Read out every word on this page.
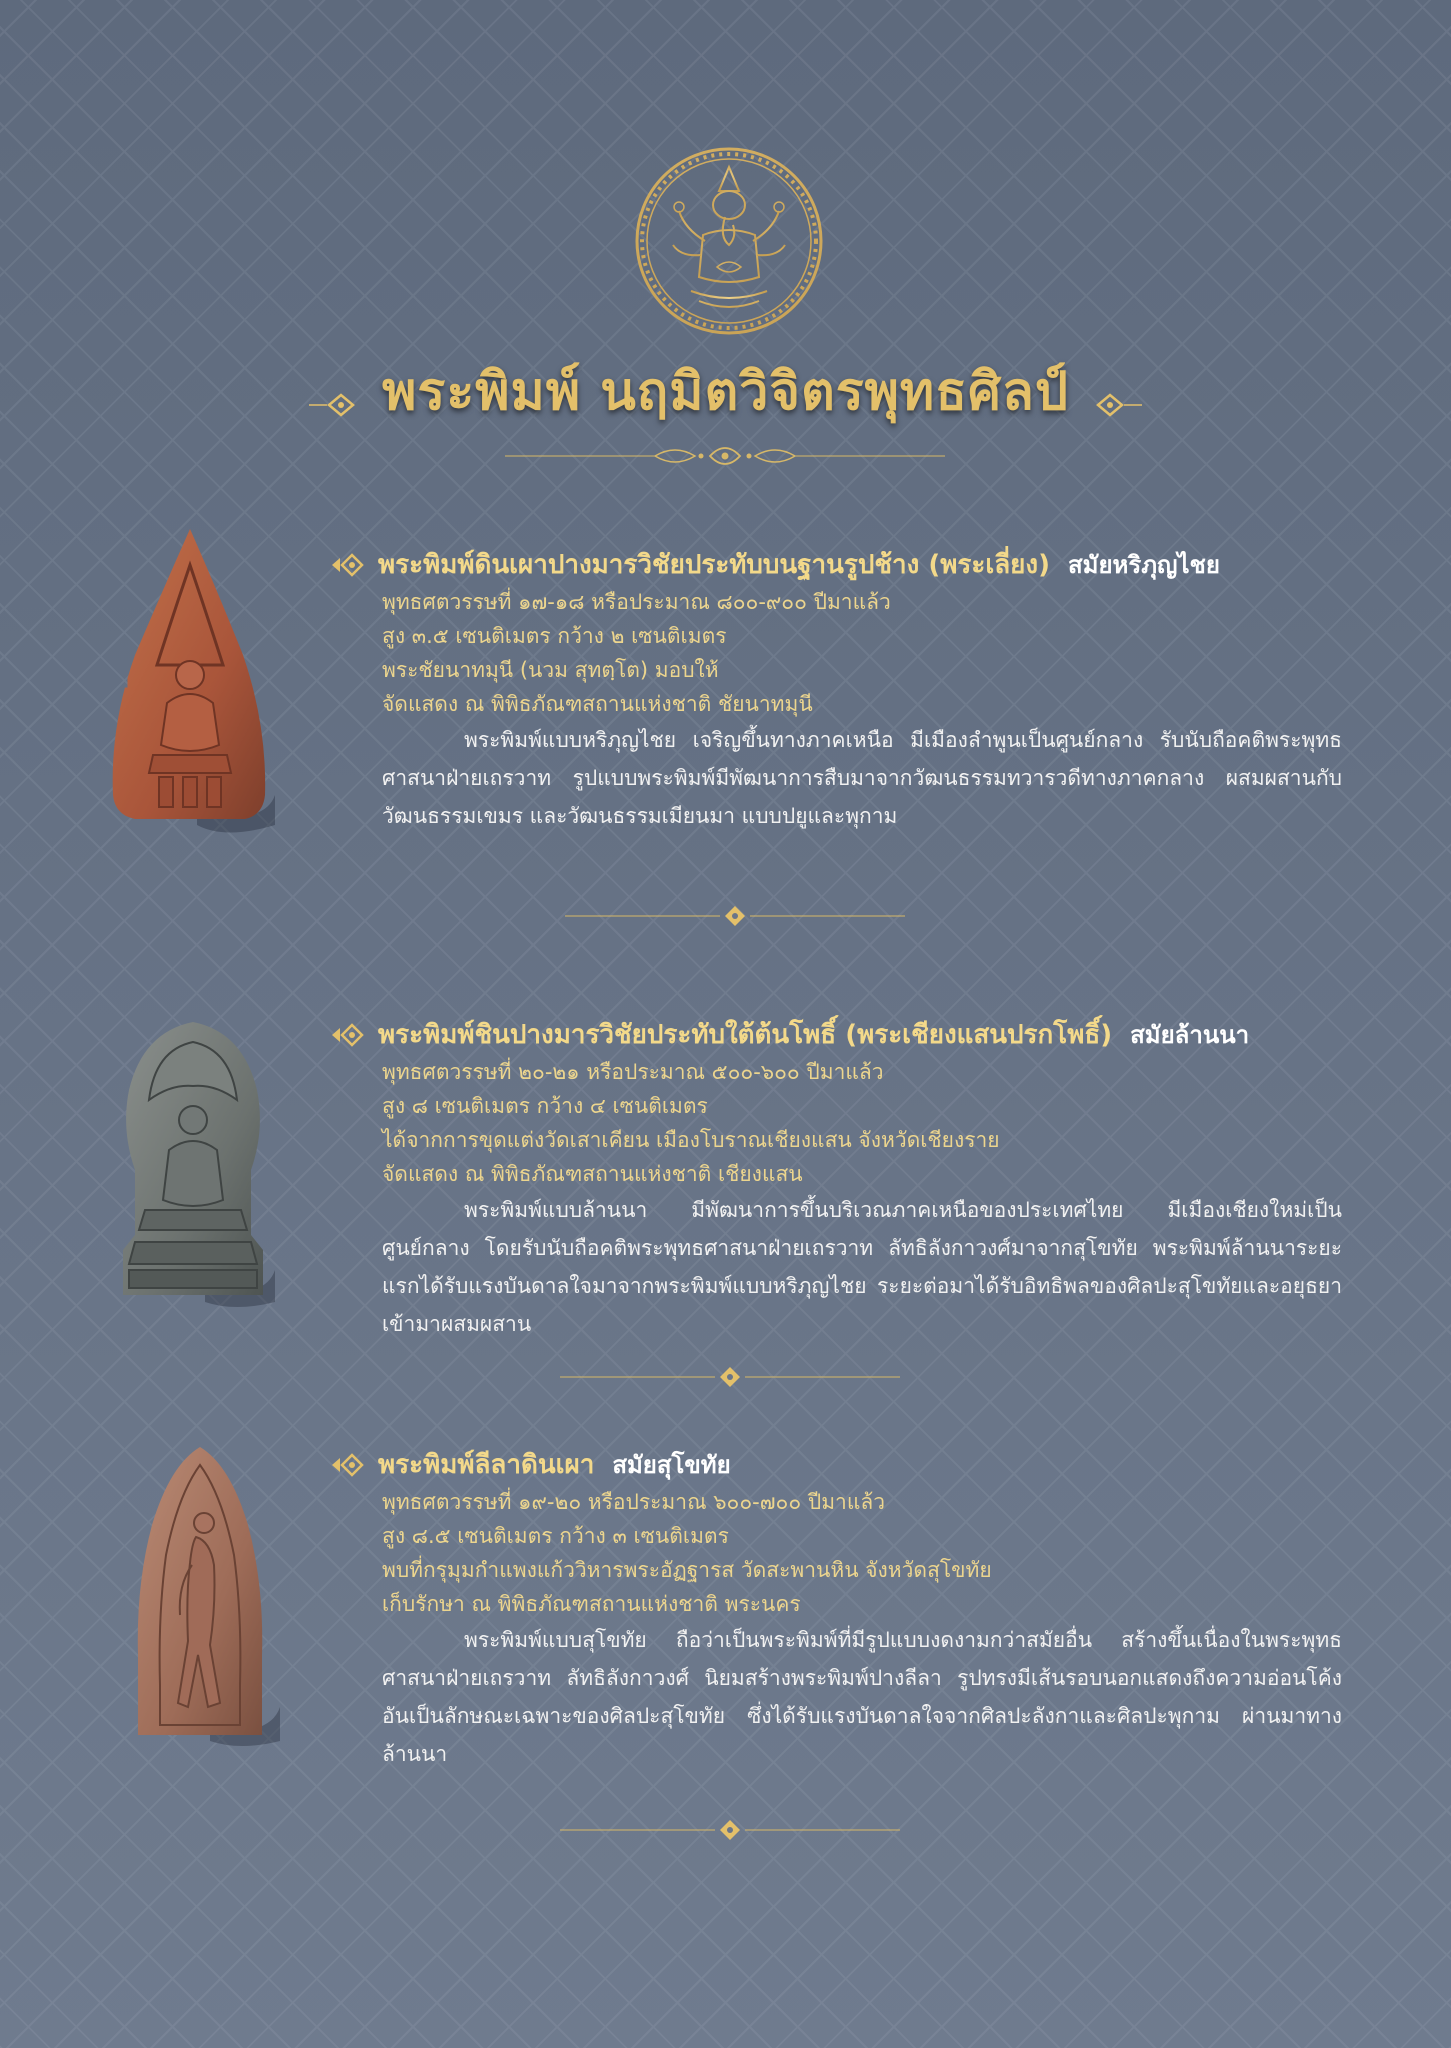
พระพิมพ์ นฤมิตวิจิตรพุทธศิลป์
พระพิมพ์ดินเผาปางมารวิชัยประทับบนฐานรูปช้าง (พระเลี่ยง) สมัยหริภุญไชย
พุทธศตวรรษที่ ๑๗-๑๘ หรือประมาณ ๘๐๐-๙๐๐ ปีมาแล้ว
สูง ๓.๕ เซนติเมตร กว้าง ๒ เซนติเมตร
พระชัยนาทมุนี (นวม สุทตฺโต) มอบให้
จัดแสดง ณ พิพิธภัณฑสถานแห่งชาติ ชัยนาทมุนี
พระพิมพ์แบบหริภุญไชย เจริญขึ้นทางภาคเหนือ มีเมืองลำพูนเป็นศูนย์กลาง รับนับถือคติพระพุทธศาสนาฝ่ายเถรวาท รูปแบบพระพิมพ์มีพัฒนาการสืบมาจากวัฒนธรรมทวารวดีทางภาคกลาง ผสมผสานกับวัฒนธรรมเขมร และวัฒนธรรมเมียนมา แบบปยูและพุกาม
พระพิมพ์ชินปางมารวิชัยประทับใต้ต้นโพธิ์ (พระเชียงแสนปรกโพธิ์) สมัยล้านนา
พุทธศตวรรษที่ ๒๐-๒๑ หรือประมาณ ๕๐๐-๖๐๐ ปีมาแล้ว
สูง ๘ เซนติเมตร กว้าง ๔ เซนติเมตร
ได้จากการขุดแต่งวัดเสาเคียน เมืองโบราณเชียงแสน จังหวัดเชียงราย
จัดแสดง ณ พิพิธภัณฑสถานแห่งชาติ เชียงแสน
พระพิมพ์แบบล้านนา มีพัฒนาการขึ้นบริเวณภาคเหนือของประเทศไทย มีเมืองเชียงใหม่เป็นศูนย์กลาง โดยรับนับถือคติพระพุทธศาสนาฝ่ายเถรวาท ลัทธิลังกาวงศ์มาจากสุโขทัย พระพิมพ์ล้านนาระยะแรกได้รับแรงบันดาลใจมาจากพระพิมพ์แบบหริภุญไชย ระยะต่อมาได้รับอิทธิพลของศิลปะสุโขทัยและอยุธยาเข้ามาผสมผสาน
พระพิมพ์ลีลาดินเผา สมัยสุโขทัย
พุทธศตวรรษที่ ๑๙-๒๐ หรือประมาณ ๖๐๐-๗๐๐ ปีมาแล้ว
สูง ๘.๕ เซนติเมตร กว้าง ๓ เซนติเมตร
พบที่กรุมุมกำแพงแก้ววิหารพระอัฏฐารส วัดสะพานหิน จังหวัดสุโขทัย
เก็บรักษา ณ พิพิธภัณฑสถานแห่งชาติ พระนคร
พระพิมพ์แบบสุโขทัย ถือว่าเป็นพระพิมพ์ที่มีรูปแบบงดงามกว่าสมัยอื่น สร้างขึ้นเนื่องในพระพุทธศาสนาฝ่ายเถรวาท ลัทธิลังกาวงศ์ นิยมสร้างพระพิมพ์ปางลีลา รูปทรงมีเส้นรอบนอกแสดงถึงความอ่อนโค้ง อันเป็นลักษณะเฉพาะของศิลปะสุโขทัย ซึ่งได้รับแรงบันดาลใจจากศิลปะลังกาและศิลปะพุกาม ผ่านมาทางล้านนา
